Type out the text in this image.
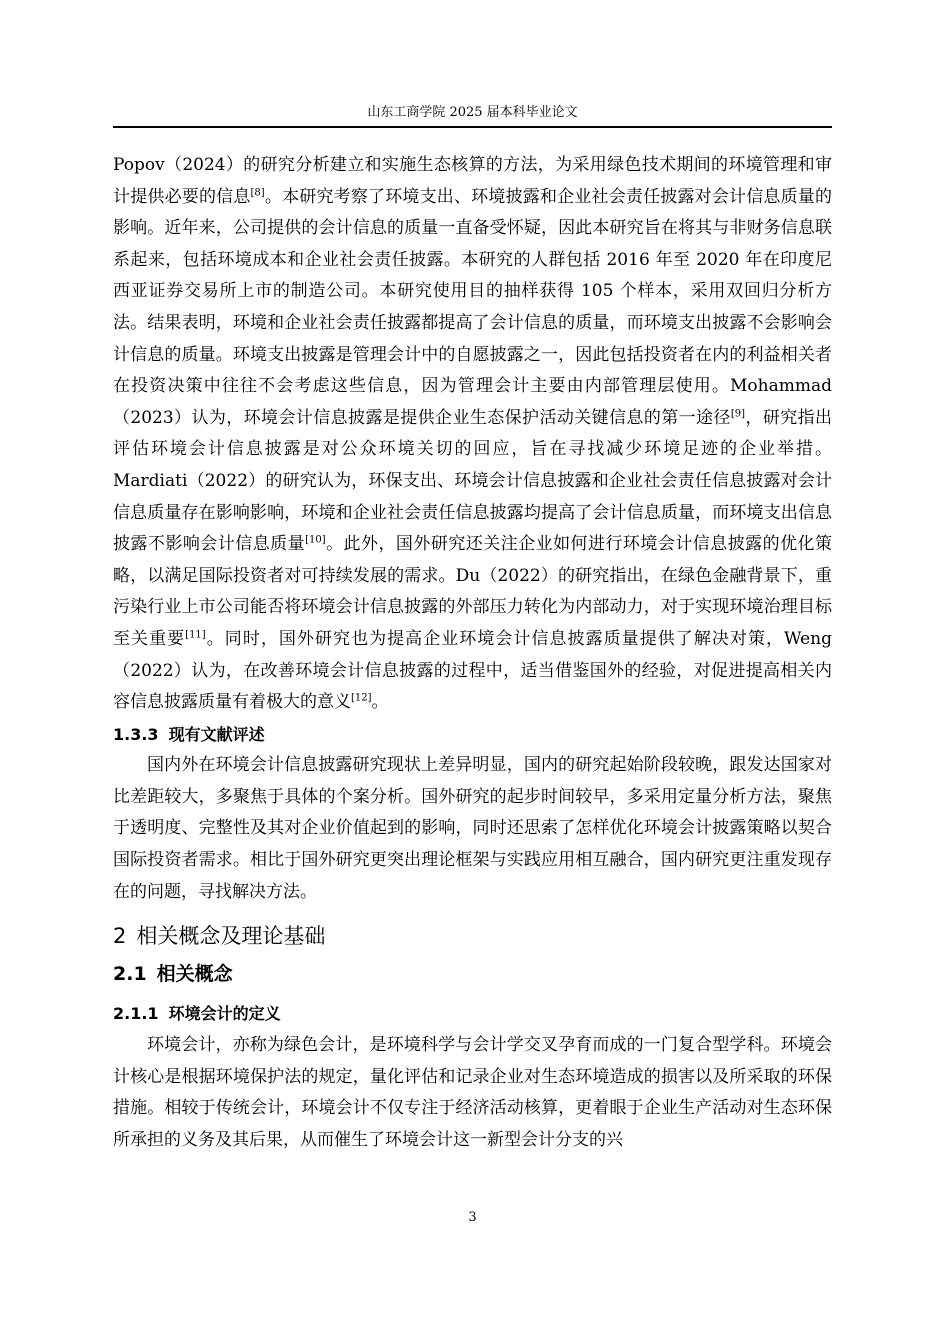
山东工商学院 2025 届本科毕业论文

Popov（2024）的研究分析建立和实施生态核算的方法，为采用绿色技术期间的环境管理和审计提供必要的信息[8]。本研究考察了环境支出、环境披露和企业社会责任披露对会计信息质量的影响。近年来，公司提供的会计信息的质量一直备受怀疑，因此本研究旨在将其与非财务信息联系起来，包括环境成本和企业社会责任披露。本研究的人群包括 2016 年至 2020 年在印度尼西亚证券交易所上市的制造公司。本研究使用目的抽样获得 105 个样本，采用双回归分析方法。结果表明，环境和企业社会责任披露都提高了会计信息的质量，而环境支出披露不会影响会计信息的质量。环境支出披露是管理会计中的自愿披露之一，因此包括投资者在内的利益相关者在投资决策中往往不会考虑这些信息，因为管理会计主要由内部管理层使用。Mohammad（2023）认为，环境会计信息披露是提供企业生态保护活动关键信息的第一途径[9]，研究指出评估环境会计信息披露是对公众环境关切的回应，旨在寻找减少环境足迹的企业举措。Mardiati（2022）的研究认为，环保支出、环境会计信息披露和企业社会责任信息披露对会计信息质量存在影响影响，环境和企业社会责任信息披露均提高了会计信息质量，而环境支出信息披露不影响会计信息质量[10]。此外，国外研究还关注企业如何进行环境会计信息披露的优化策略，以满足国际投资者对可持续发展的需求。Du（2022）的研究指出，在绿色金融背景下，重污染行业上市公司能否将环境会计信息披露的外部压力转化为内部动力，对于实现环境治理目标至关重要[11]。同时，国外研究也为提高企业环境会计信息披露质量提供了解决对策，Weng（2022）认为，在改善环境会计信息披露的过程中，适当借鉴国外的经验，对促进提高相关内容信息披露质量有着极大的意义[12]。

1.3.3 现有文献评述

国内外在环境会计信息披露研究现状上差异明显，国内的研究起始阶段较晚，跟发达国家对比差距较大，多聚焦于具体的个案分析。国外研究的起步时间较早，多采用定量分析方法，聚焦于透明度、完整性及其对企业价值起到的影响，同时还思索了怎样优化环境会计披露策略以契合国际投资者需求。相比于国外研究更突出理论框架与实践应用相互融合，国内研究更注重发现存在的问题，寻找解决方法。

2 相关概念及理论基础
2.1 相关概念
2.1.1 环境会计的定义

环境会计，亦称为绿色会计，是环境科学与会计学交叉孕育而成的一门复合型学科。环境会计核心是根据环境保护法的规定，量化评估和记录企业对生态环境造成的损害以及所采取的环保措施。相较于传统会计，环境会计不仅专注于经济活动核算，更着眼于企业生产活动对生态环保所承担的义务及其后果，从而催生了环境会计这一新型会计分支的兴

3
